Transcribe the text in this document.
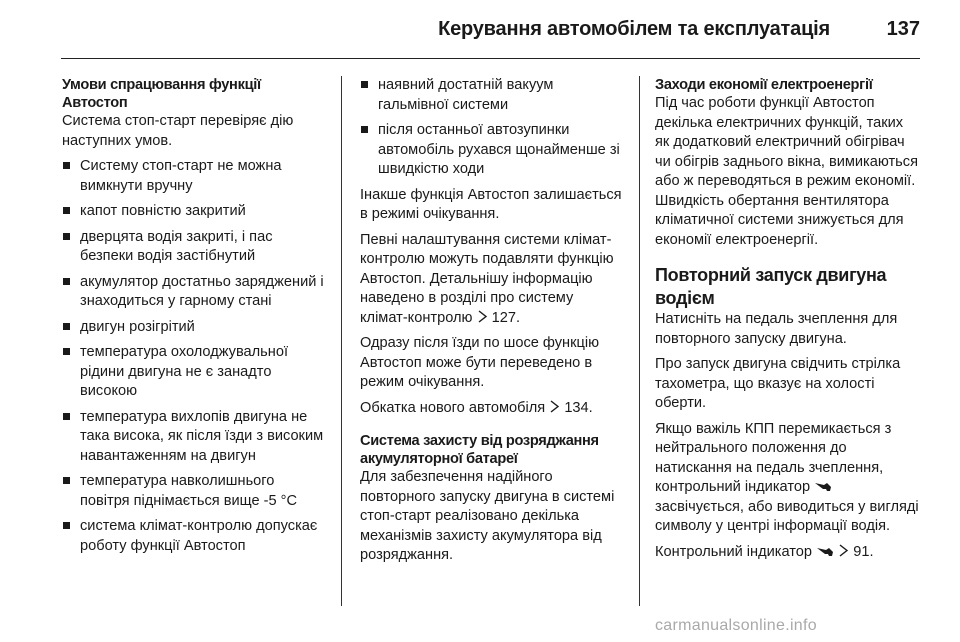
Керування автомобілем та експлуатація	137
Умови спрацювання функції
Автостоп

Система стоп-старт перевіряє дію наступних умов.

Систему стоп-старт не можна вимкнути вручну
капот повністю закритий
дверцята водія закриті, і пас безпеки водія застібнутий
акумулятор достатньо заряджений і знаходиться у гарному стані
двигун розігрітий
температура охолоджувальної рідини двигуна не є занадто високою
температура вихлопів двигуна не така висока, як після їзди з високим навантаженням на двигун
температура навколишнього повітря піднімається вище -5 °C
система клімат-контролю допускає роботу функції Автостоп
наявний достатній вакуум гальмівної системи
після останньої автозупинки автомобіль рухався щонайменше зі швидкістю ходи

Інакше функція Автостоп залишається в режимі очікування.

Певні налаштування системи клімат-контролю можуть подавляти функцію Автостоп. Детальнішу інформацію наведено в розділі про систему клімат-контролю 127.

Одразу після їзди по шосе функцію Автостоп може бути переведено в режим очікування.

Обкатка нового автомобіля 134.

Система захисту від розряджання
акумуляторної батареї

Для забезпечення надійного повторного запуску двигуна в системі стоп-старт реалізовано декілька механізмів захисту акумулятора від розряджання.

Заходи економії електроенергії

Під час роботи функції Автостоп декілька електричних функцій, таких як додатковий електричний обігрівач чи обігрів заднього вікна, вимикаються або ж переводяться в режим економії. Швидкість обертання вентилятора кліматичної системи знижується для економії електроенергії.

Повторний запуск двигуна
водієм

Натисніть на педаль зчеплення для повторного запуску двигуна.

Про запуск двигуна свідчить стрілка тахометра, що вказує на холості оберти.

Якщо важіль КПП перемикається з нейтрального положення до натискання на педаль зчеплення, контрольний індикатор  засвічується, або виводиться у вигляді символу у центрі інформації водія.

Контрольний індикатор	91.

carmanualsonline.info
